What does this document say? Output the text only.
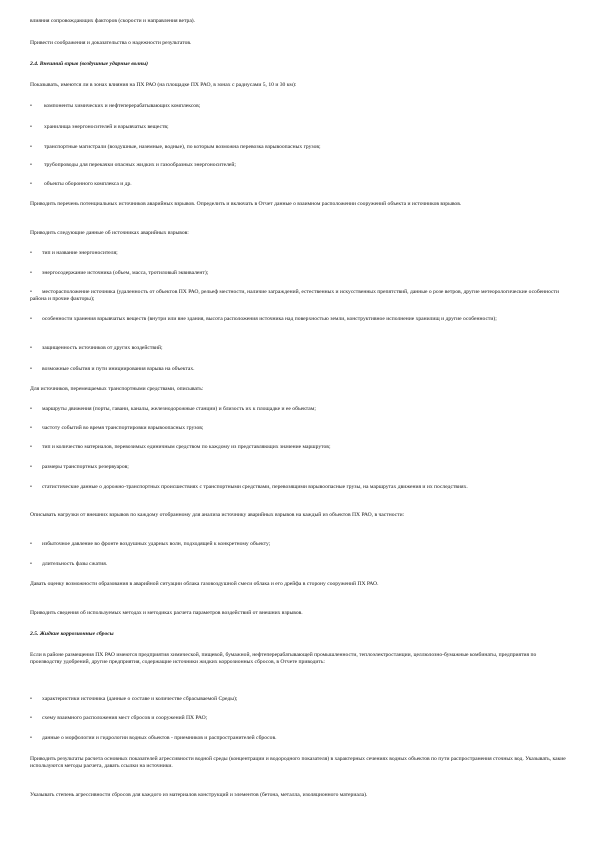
влияния сопровождающих факторов (скорости и направления ветра).

Привести соображения и доказательства о надежности результатов.

2.4. Внешний взрыв (воздушные ударные волны)

Показывать, имеются ли в зонах влияния на ПХ РАО (на площадке ПХ РАО, в зонах с радиусами 5, 10 и 30 км):

• компоненты химических и нефтеперерабатывающих комплексов;

• хранилища энергоносителей и взрывчатых веществ;

• транспортные магистрали (воздушные, наземные, водные), по которым возможна перевозка взрывоопасных грузов;

• трубопроводы для перекачки опасных жидких и газообразных энергоносителей;

• объекты оборонного комплекса и др.

Приводить перечень потенциальных источников аварийных взрывов. Определить и включать в Отчет данные о взаимном расположении сооружений объекта и источников взрывов.

Приводить следующие данные об источниках аварийных взрывов:

• тип и название энергоносителя;

• энергосодержание источника (объем, масса, тротиловый эквивалент);

• месторасположение источника (удаленность от объектов ПХ РАО, рельеф местности, наличие заграждений, естественных и искусственных препятствий, данные о розе ветров, другие метеорологические особенности района и прочие факторы);

• особенности хранения взрывчатых веществ (внутри или вне здания, высота расположения источника над поверхностью земли, конструктивное исполнение хранилищ и другие особенности);

• защищенность источников от других воздействий;

• возможные события и пути инициирования взрыва на объектах.

Для источников, перемещаемых транспортными средствами, описывать:

• маршруты движения (порты, гавани, каналы, железнодорожные станции) и близость их к площадке и ее объектам;

• частоту событий во время транспортировки взрывоопасных грузов;

• тип и количество материалов, перевозимых единичным средством по каждому из представляющих значение маршрутов;

• размеры транспортных резервуаров;

• статистические данные о дорожно-транспортных происшествиях с транспортными средствами, перевозящими взрывоопасные грузы, на маршрутах движения и их последствиях.

Описывать нагрузки от внешних взрывов по каждому отобранному для анализа источнику аварийных взрывов на каждый из объектов ПХ РАО, в частности:

• избыточное давление во фронте воздушных ударных волн, подходящей к конкретному объекту;

• длительность фазы сжатия.

Давать оценку возможности образования в аварийной ситуации облака газовоздушной смеси облака и его дрейфа в сторону сооружений ПХ РАО.

Приводить сведения об используемых методах и методиках расчета параметров воздействий от внешних взрывов.

2.5. Жидкие коррозионные сбросы

Если в районе размещения ПХ РАО имеются предприятия химической, пищевой, бумажной, нефтеперерабатывающей промышленности, теплоэлектростанции, целлюлозно-бумажные комбинаты, предприятия по производству удобрений, другие предприятия, содержащие источники жидких коррозионных сбросов, в Отчете приводить:

• характеристики источника (данные о составе и количестве сбрасываемой Среды);

• схему взаимного расположения мест сбросов и сооружений ПХ РАО;

• данные о морфологии и гидрологии водных объектов - приемников и распространителей сбросов.

Приводить результаты расчета основных показателей агрессивности водной среды (концентрации и водородного показателя) в характерных сечениях водных объектов по пути распространения сточных вод. Указывать, какие используются методы расчета, давать ссылки на источники.

Указывать степень агрессивности сбросов для каждого из материалов конструкций и элементов (бетона, металла, изоляционного материала).
